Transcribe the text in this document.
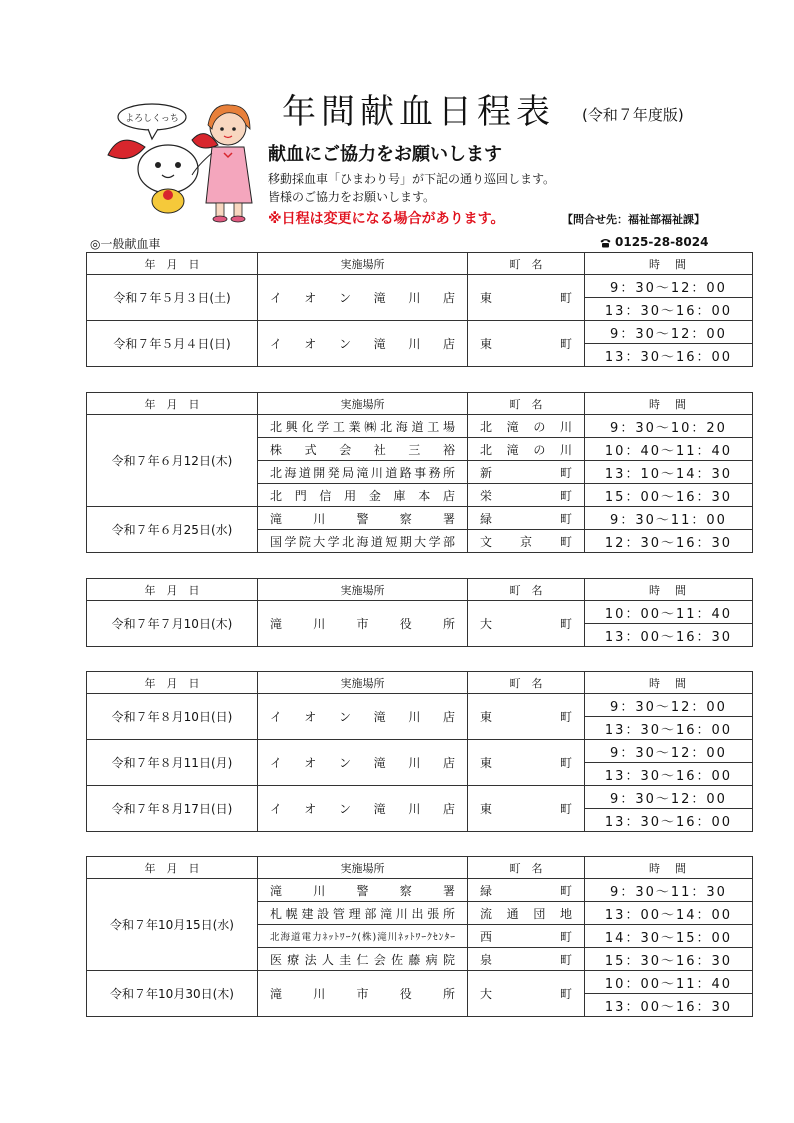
よろしくっち	年間献血日程表 (令和７年度版)
献血にご協力をお願いします
移動採血車「ひまわり号」が下記の通り巡回します。
皆様のご協力をお願いします。
※日程は変更になる場合があります。	【問合せ先：福祉部福祉課】
◎一般献血車	0125-28-8024
年　月　日	実施場所	町　名	時　間
令和７年５月３日(土)	イオン滝川店	東町	9：30～12：00
			13：30～16：00
令和７年５月４日(日)	イオン滝川店	東町	9：30～12：00
			13：30～16：00
年　月　日	実施場所	町　名	時　間
令和７年６月12日(木)	北興化学工業㈱北海道工場	北滝の川	9：30～10：20

	株式会社三裕	北滝の川	10：40～11：40

	北海道開発局滝川道路事務所	新町	13：10～14：30

	北門信用金庫本店	栄町	15：00～16：30
令和７年６月25日(水)	滝川警察署	緑町	9：30～11：00

	国学院大学北海道短期大学部	文京町	12：30～16：30
年　月　日	実施場所	町　名	時　間
令和７年７月10日(木)	滝川市役所	大町	10：00～11：40
			13：00～16：30
年　月　日	実施場所	町　名	時　間
令和７年８月10日(日)	イオン滝川店	東町	9：30～12：00
			13：30～16：00
令和７年８月11日(月)	イオン滝川店	東町	9：30～12：00
			13：30～16：00
令和７年８月17日(日)	イオン滝川店	東町	9：30～12：00
			13：30～16：00
年　月　日	実施場所	町　名	時　間
令和７年10月15日(水)	滝川警察署	緑町	9：30～11：30

	札幌建設管理部滝川出張所	流通団地	13：00～14：00

	北海道電力ﾈｯﾄﾜｰｸ(株)滝川ﾈｯﾄﾜｰｸｾﾝﾀｰ	西町	14：30～15：00

	医療法人圭仁会佐藤病院	泉町	15：30～16：30
令和７年10月30日(木)	滝川市役所	大町	10：00～11：40
			13：00～16：30
